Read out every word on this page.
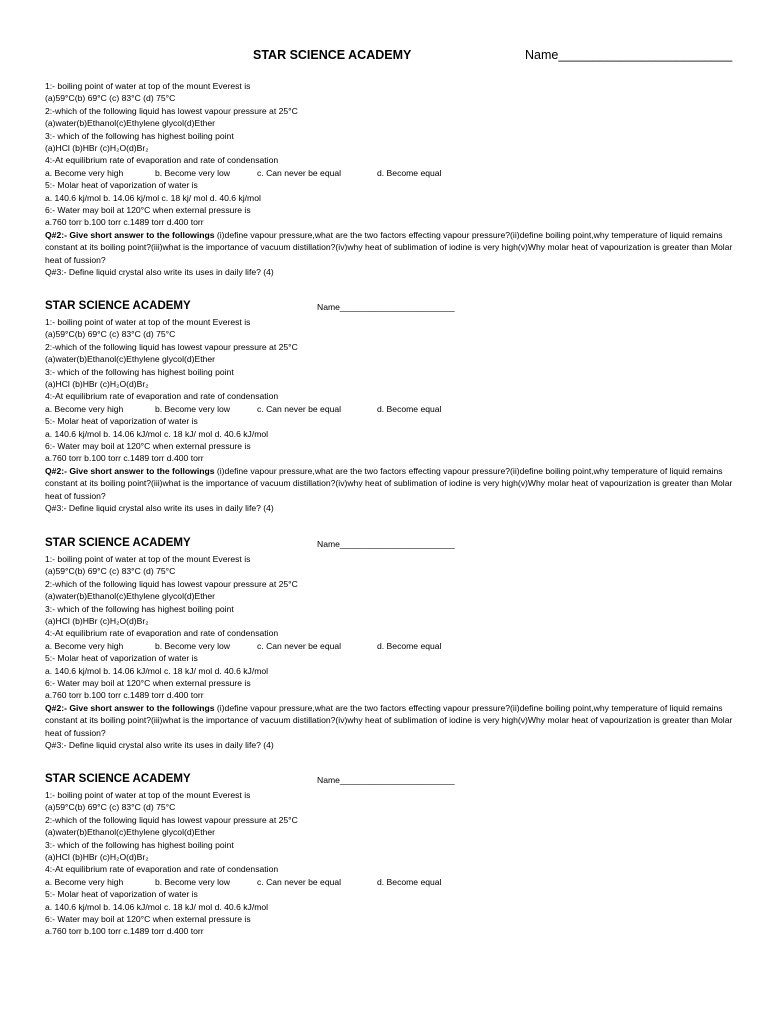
STAR SCIENCE ACADEMY	Name_________________________
1:- boiling point of water at top of the mount Everest is
(a)59°C(b) 69°C (c) 83°C (d) 75°C
2:-which of the following liquid has lowest vapour pressure at 25°C
(a)water(b)Ethanol(c)Ethylene glycol(d)Ether
3:- which of the following has highest boiling point
(a)HCl (b)HBr (c)H₂O(d)Br₂
4:-At equilibrium rate of evaporation and rate of condensation
a. Become very high	b. Become very low	c. Can never be equal	d. Become equal
5:- Molar heat of vaporization of water is
a. 140.6 kj/mol b. 14.06 kj/mol c. 18 kj/ mol d. 40.6 kj/mol
6:- Water may boil at 120°C when external pressure is
a.760 torr b.100 torr c.1489 torr d.400 torr
Q#2:- Give short answer to the followings (i)define vapour pressure,what are the two factors effecting vapour pressure?(ii)define boiling point,why temperature of liquid remains constant at its boiling point?(iii)what is the importance of vacuum distillation?(iv)why heat of sublimation of iodine is very high(v)Why molar heat of vapourization is greater than Molar heat of fussion?
Q#3:- Define liquid crystal also write its uses in daily life? (4)
STAR SCIENCE ACADEMY	Name________________________
1:- boiling point of water at top of the mount Everest is
(a)59°C(b) 69°C (c) 83°C (d) 75°C
2:-which of the following liquid has lowest vapour pressure at 25°C
(a)water(b)Ethanol(c)Ethylene glycol(d)Ether
3:- which of the following has highest boiling point
(a)HCl (b)HBr (c)H₂O(d)Br₂
4:-At equilibrium rate of evaporation and rate of condensation
a. Become very high	b. Become very low	c. Can never be equal	d. Become equal
5:- Molar heat of vaporization of water is
a. 140.6 kj/mol b. 14.06 kJ/mol c. 18 kJ/ mol d. 40.6 kJ/mol
6:- Water may boil at 120°C when external pressure is
a.760 torr b.100 torr c.1489 torr d.400 torr
Q#2:- Give short answer to the followings (i)define vapour pressure,what are the two factors effecting vapour pressure?(ii)define boiling point,why temperature of liquid remains constant at its boiling point?(iii)what is the importance of vacuum distillation?(iv)why heat of sublimation of iodine is very high(v)Why molar heat of vapourization is greater than Molar heat of fussion?
Q#3:- Define liquid crystal also write its uses in daily life? (4)
STAR SCIENCE ACADEMY	Name________________________
1:- boiling point of water at top of the mount Everest is
(a)59°C(b) 69°C (c) 83°C (d) 75°C
2:-which of the following liquid has lowest vapour pressure at 25°C
(a)water(b)Ethanol(c)Ethylene glycol(d)Ether
3:- which of the following has highest boiling point
(a)HCl (b)HBr (c)H₂O(d)Br₂
4:-At equilibrium rate of evaporation and rate of condensation
a. Become very high	b. Become very low	c. Can never be equal	d. Become equal
5:- Molar heat of vaporization of water is
a. 140.6 kj/mol b. 14.06 kJ/mol c. 18 kJ/ mol d. 40.6 kJ/mol
6:- Water may boil at 120°C when external pressure is
a.760 torr b.100 torr c.1489 torr d.400 torr
Q#2:- Give short answer to the followings (i)define vapour pressure,what are the two factors effecting vapour pressure?(ii)define boiling point,why temperature of liquid remains constant at its boiling point?(iii)what is the importance of vacuum distillation?(iv)why heat of sublimation of iodine is very high(v)Why molar heat of vapourization is greater than Molar heat of fussion?
Q#3:- Define liquid crystal also write its uses in daily life? (4)
STAR SCIENCE ACADEMY	Name________________________
1:- boiling point of water at top of the mount Everest is
(a)59°C(b) 69°C (c) 83°C (d) 75°C
2:-which of the following liquid has lowest vapour pressure at 25°C
(a)water(b)Ethanol(c)Ethylene glycol(d)Ether
3:- which of the following has highest boiling point
(a)HCl (b)HBr (c)H₂O(d)Br₂
4:-At equilibrium rate of evaporation and rate of condensation
a. Become very high	b. Become very low	c. Can never be equal	d. Become equal
5:- Molar heat of vaporization of water is
a. 140.6 kj/mol b. 14.06 kJ/mol c. 18 kJ/ mol d. 40.6 kJ/mol
6:- Water may boil at 120°C when external pressure is
a.760 torr b.100 torr c.1489 torr d.400 torr
